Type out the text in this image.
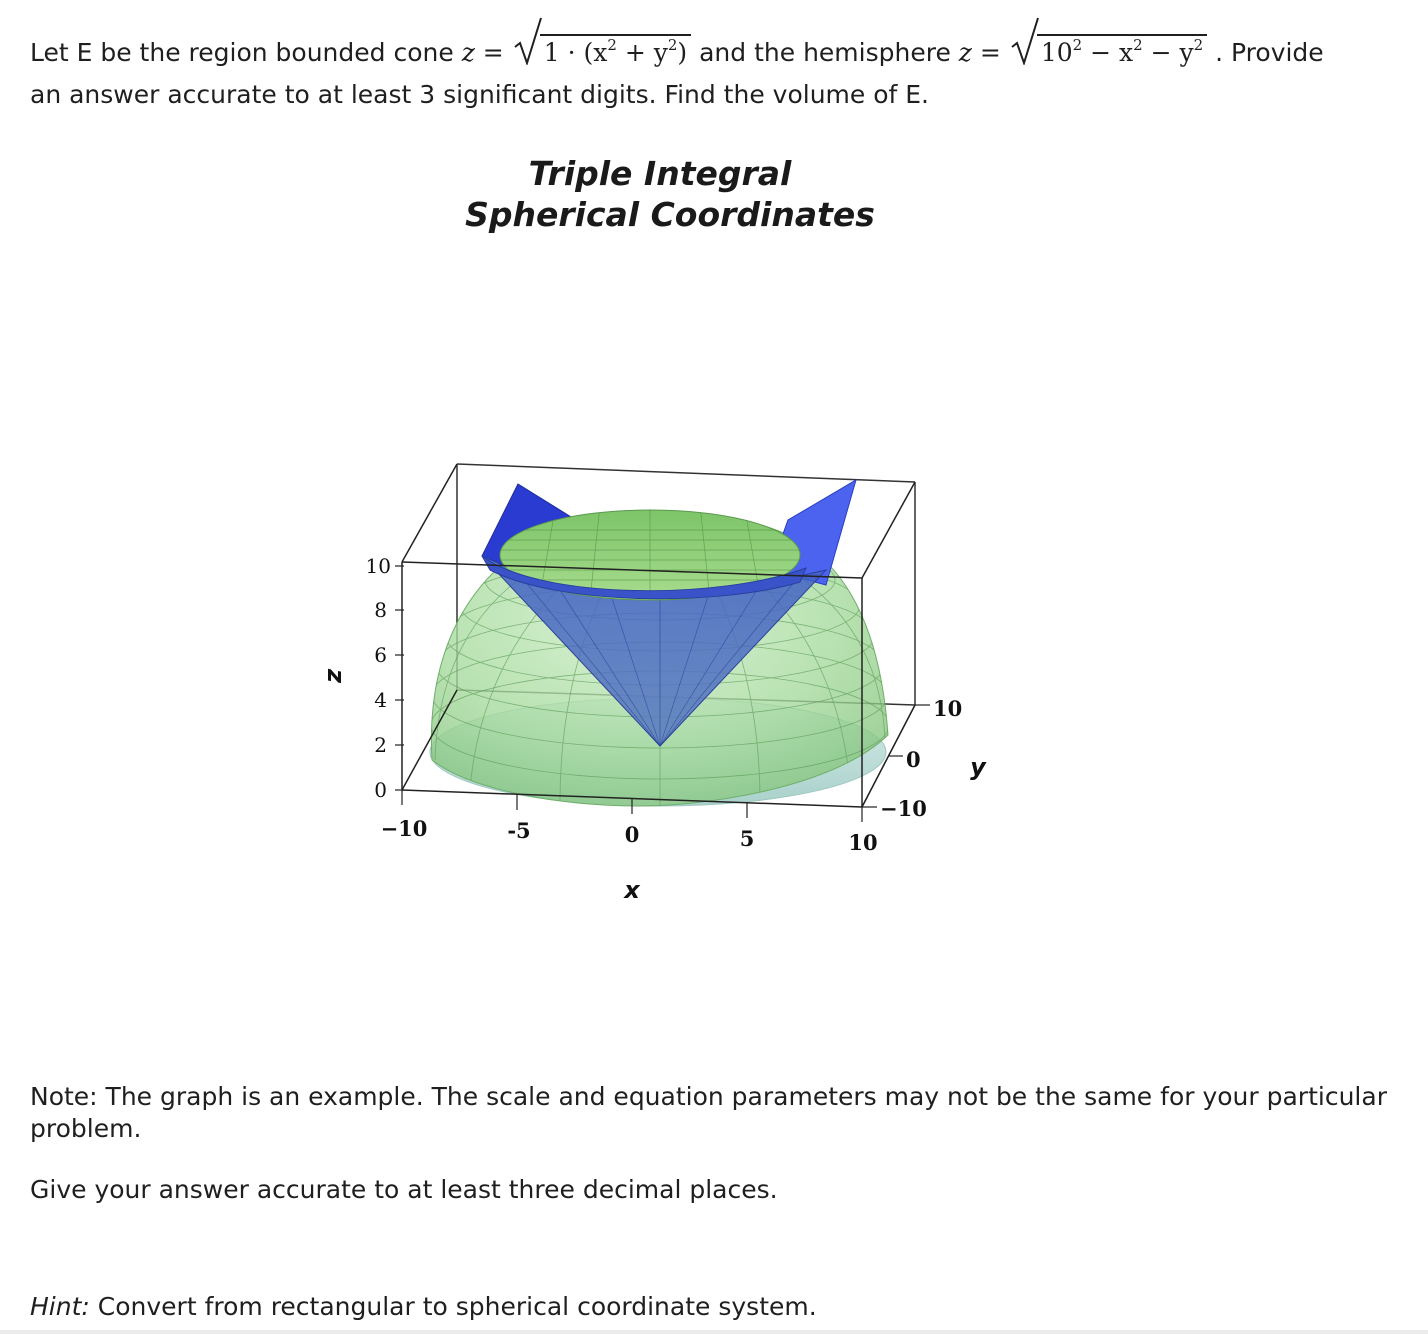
Let E be the region bounded cone $z = 1 \cdot (x^2 + y^2)$ and the hemisphere $z = 10^2 - x^2 - y^2$ . Provide
an answer accurate to at least 3 significant digits. Find the volume of E.
Triple Integral
Spherical Coordinates
10
8
6
4
2
0
z
−10	-5	0	5	10
x
10
0
−10
y
Note: The graph is an example. The scale and equation parameters may not be the same for your particular
problem.
Give your answer accurate to at least three decimal places.
Hint: Convert from rectangular to spherical coordinate system.
